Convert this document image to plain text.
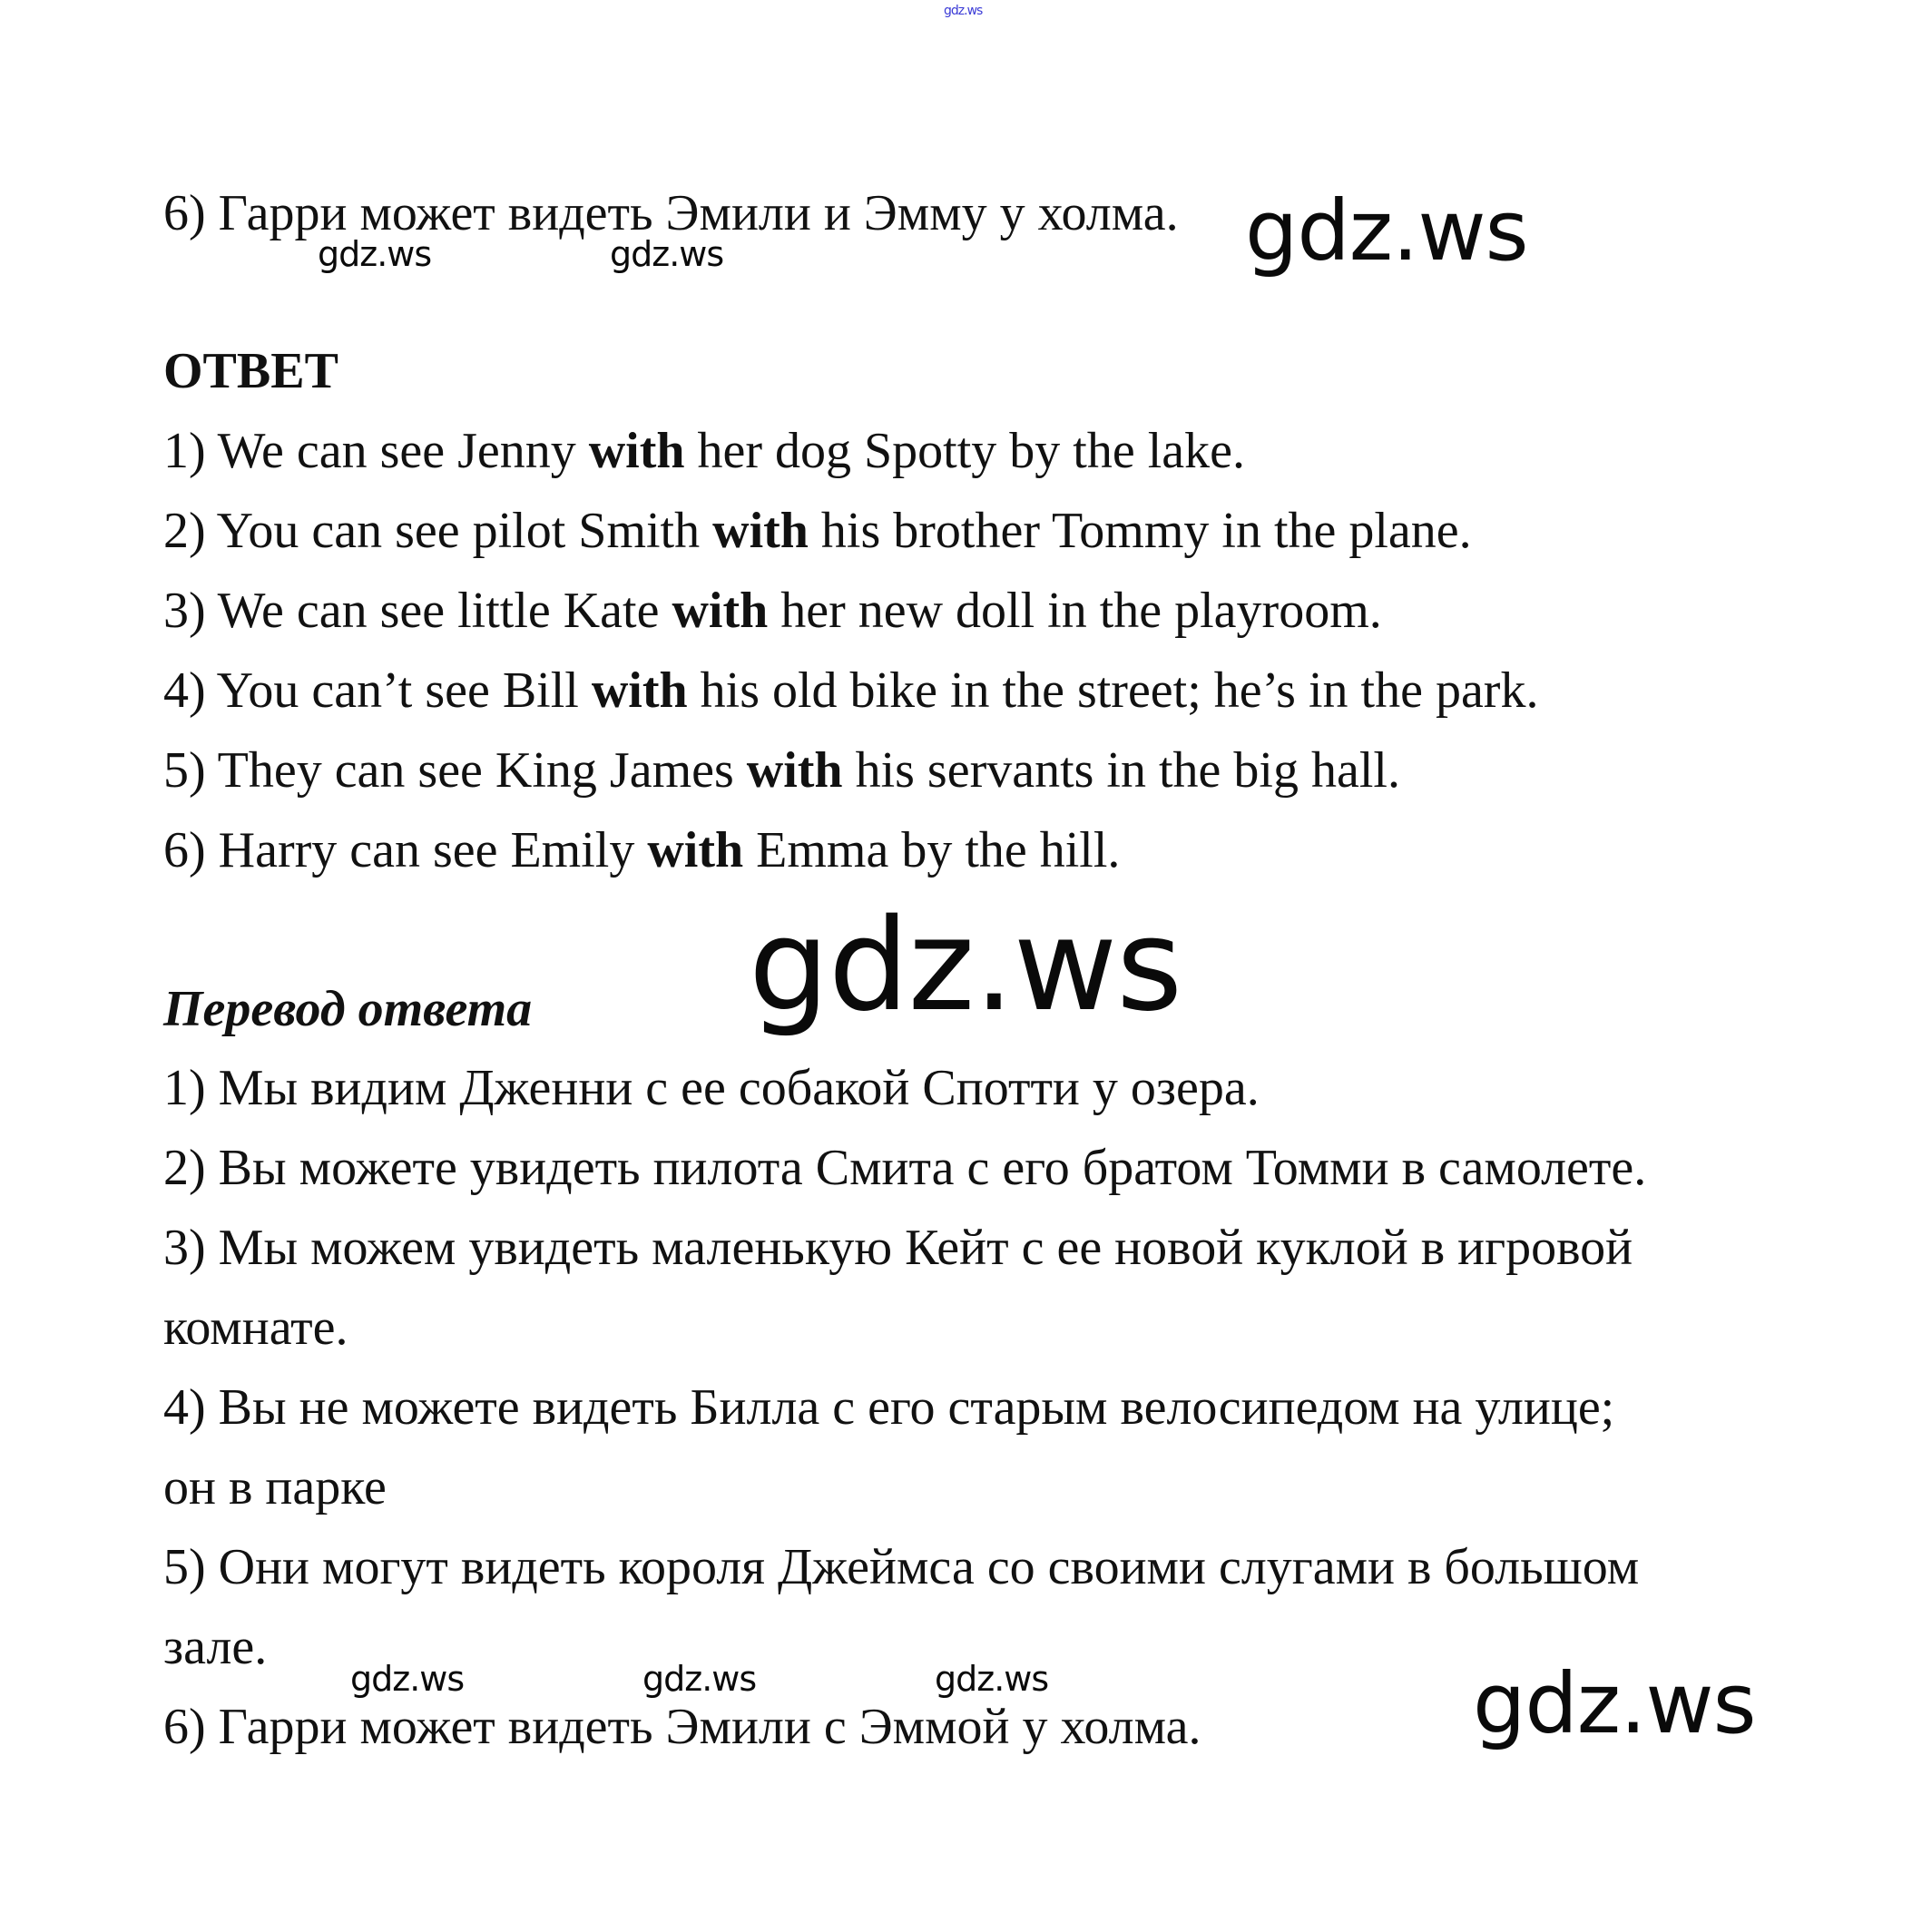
gdz.ws
6) Гарри может видеть Эмили и Эмму у холма. gdz.ws
gdz.ws	gdz.ws
ОТВЕТ
1) We can see Jenny with her dog Spotty by the lake.
2) You can see pilot Smith with his brother Tommy in the plane.
3) We can see little Kate with her new doll in the playroom.
4) You can’t see Bill with his old bike in the street; he’s in the park.
5) They can see King James with his servants in the big hall.
6) Harry can see Emily with Emma by the hill.
gdz.ws
Перевод ответа
1) Мы видим Дженни с ее собакой Спотти у озера.
2) Вы можете увидеть пилота Смита с его братом Томми в самолете.
3) Мы можем увидеть маленькую Кейт с ее новой куклой в игровой
комнате.
4) Вы не можете видеть Билла с его старым велосипедом на улице;
он в парке
5) Они могут видеть короля Джеймса со своими слугами в большом
зале.
gdz.ws	gdz.ws	gdz.ws
6) Гарри может видеть Эмили с Эммой у холма.	gdz.ws
